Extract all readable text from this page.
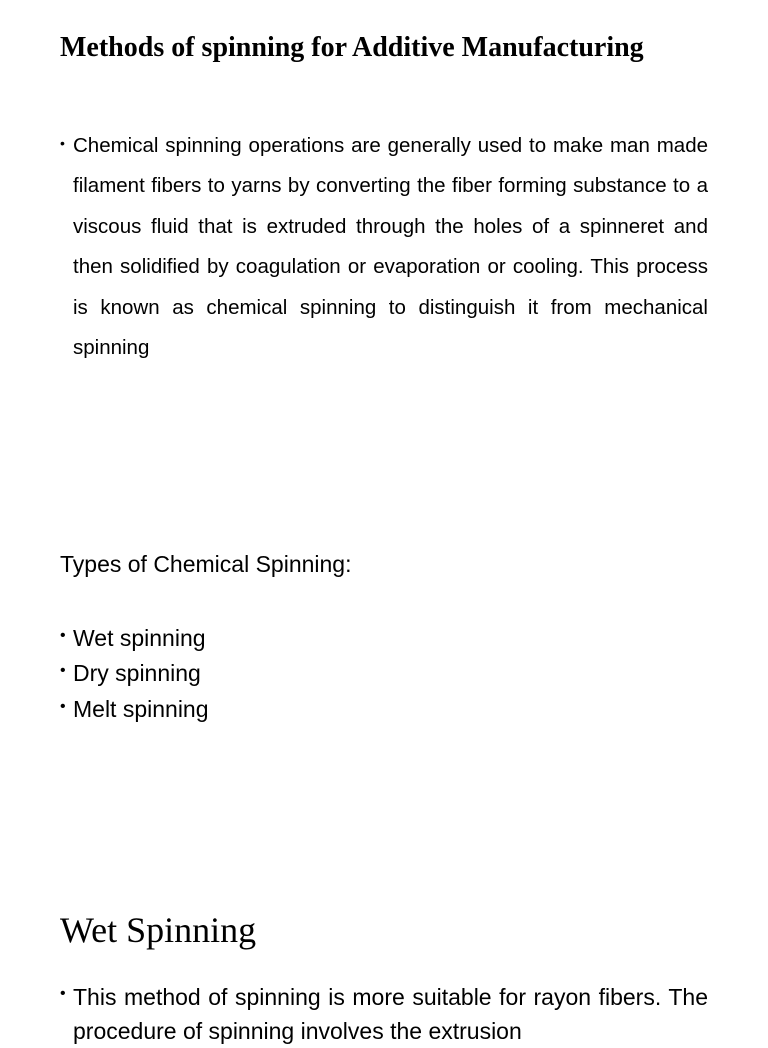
Methods of spinning for Additive Manufacturing
• Chemical spinning operations are generally used to make man made filament fibers to yarns by converting the fiber forming substance to a viscous fluid that is extruded through the holes of a spinneret and then solidified by coagulation or evaporation or cooling. This process is known as chemical spinning to distinguish it from mechanical spinning
Types of Chemical Spinning:
• Wet spinning
• Dry spinning
• Melt spinning
Wet Spinning
• This method of spinning is more suitable for rayon fibers. The procedure of spinning involves the extrusion
